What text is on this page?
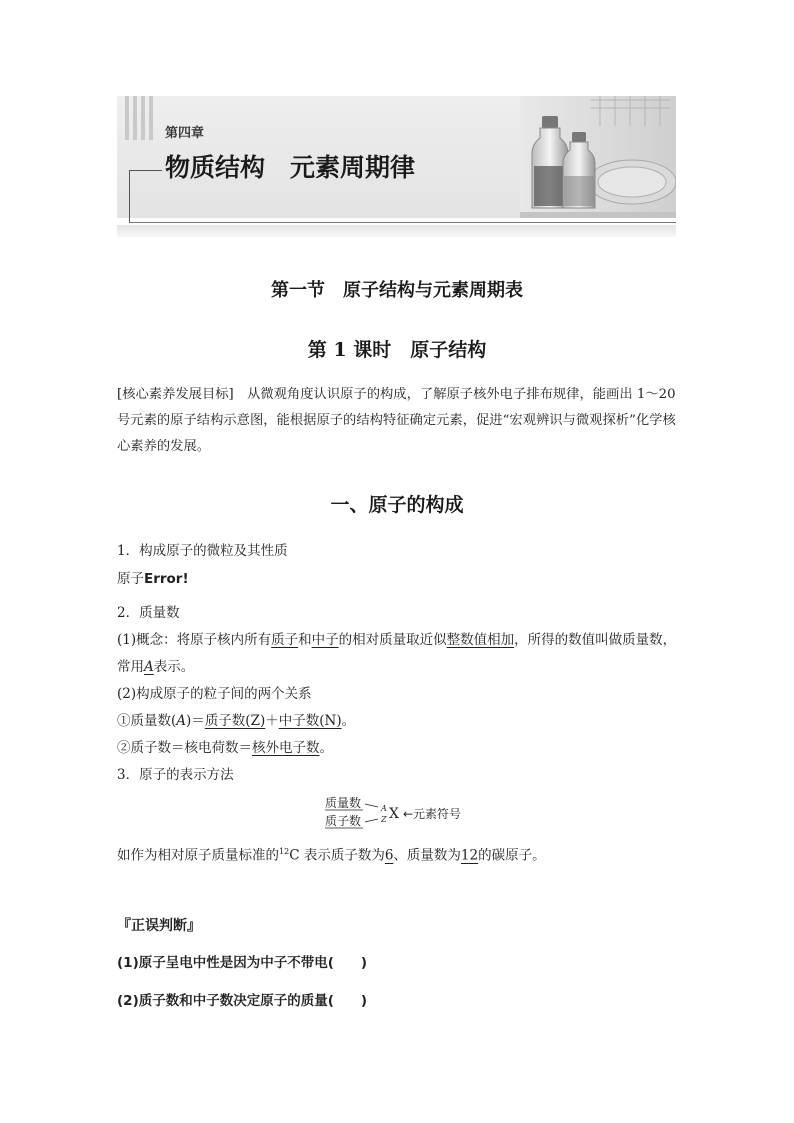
第四章
物质结构　元素周期律
第一节　原子结构与元素周期表
第 1 课时　原子结构
[核心素养发展目标]　从微观角度认识原子的构成，了解原子核外电子排布规律，能画出 1～20 号元素的原子结构示意图，能根据原子的结构特征确定元素，促进“宏观辨识与微观探析”化学核心素养的发展。
一、原子的构成
1．构成原子的微粒及其性质
原子Error!
2．质量数
(1)概念：将原子核内所有质子和中子的相对质量取近似整数值相加，所得的数值叫做质量数，
常用A表示。
(2)构成原子的粒子间的两个关系
①质量数(A)＝质子数(Z)＋中子数(N)。
②质子数＝核电荷数＝核外电子数。
3．原子的表示方法
质量数
质子数
A
Z X ←元素符号
如作为相对原子质量标准的$^{12}$C 表示质子数为6、质量数为12的碳原子。
『正误判断』
(1)原子呈电中性是因为中子不带电(　　)
(2)质子数和中子数决定原子的质量(　　)
